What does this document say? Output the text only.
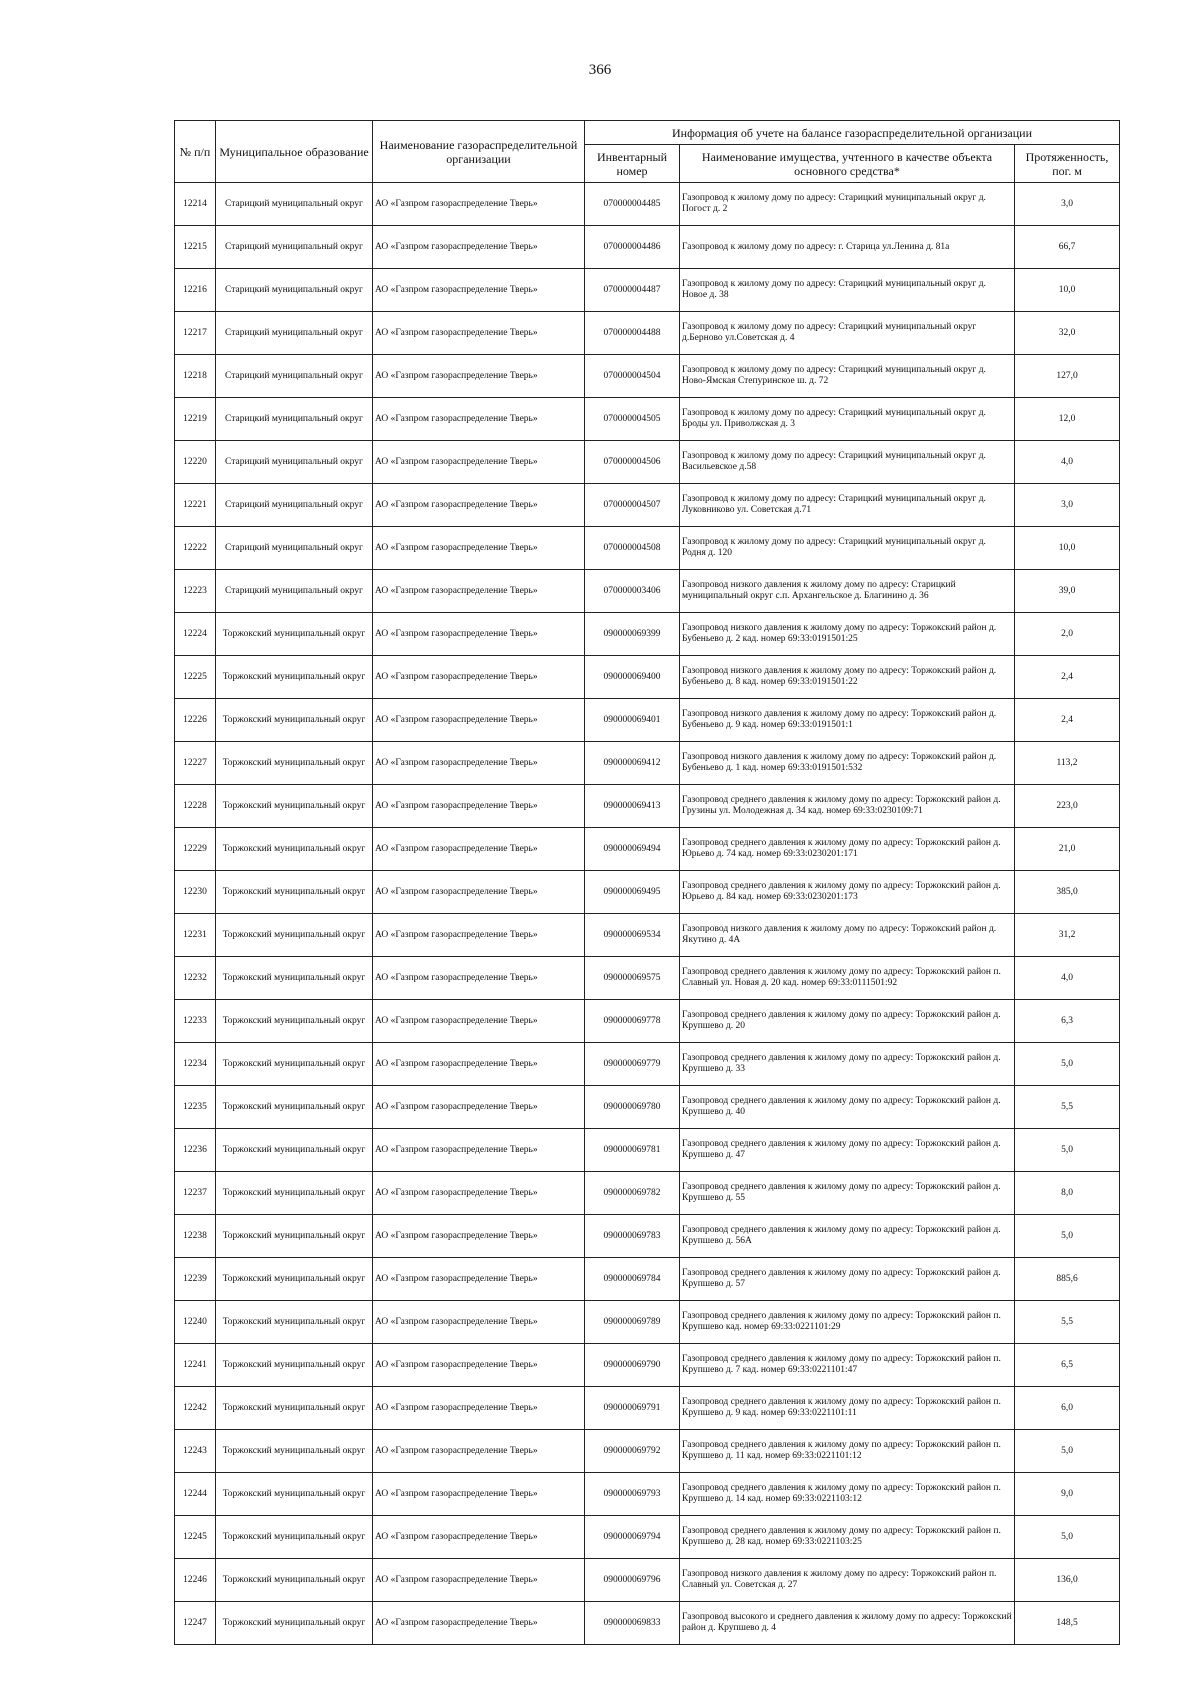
366
№ п/п	Муниципальное образование	Наименование газораспределительной организации	Информация об учете на балансе газораспределительной организации		
			Инвентарный номер	Наименование имущества, учтенного в качестве объекта основного средства*	Протяженность, пог. м
12214	Старицкий муниципальный округ	АО «Газпром газораспределение Тверь»	070000004485	Газопровод к жилому дому по адресу: Старицкий муниципальный округ д. Погост д. 2	3,0
12215	Старицкий муниципальный округ	АО «Газпром газораспределение Тверь»	070000004486	Газопровод к жилому дому по адресу: г. Старица ул.Ленина д. 81а	66,7
12216	Старицкий муниципальный округ	АО «Газпром газораспределение Тверь»	070000004487	Газопровод к жилому дому по адресу: Старицкий муниципальный округ д. Новое д. 38	10,0
12217	Старицкий муниципальный округ	АО «Газпром газораспределение Тверь»	070000004488	Газопровод к жилому дому по адресу: Старицкий муниципальный округ д.Берново ул.Советская д. 4	32,0
12218	Старицкий муниципальный округ	АО «Газпром газораспределение Тверь»	070000004504	Газопровод к жилому дому по адресу: Старицкий муниципальный округ д. Ново-Ямская Степуринское ш. д. 72	127,0
12219	Старицкий муниципальный округ	АО «Газпром газораспределение Тверь»	070000004505	Газопровод к жилому дому по адресу: Старицкий муниципальный округ д. Броды ул. Приволжская д. 3	12,0
12220	Старицкий муниципальный округ	АО «Газпром газораспределение Тверь»	070000004506	Газопровод к жилому дому по адресу: Старицкий муниципальный округ д. Васильевское д.58	4,0
12221	Старицкий муниципальный округ	АО «Газпром газораспределение Тверь»	070000004507	Газопровод к жилому дому по адресу: Старицкий муниципальный округ д. Луковниково ул. Советская д.71	3,0
12222	Старицкий муниципальный округ	АО «Газпром газораспределение Тверь»	070000004508	Газопровод к жилому дому по адресу: Старицкий муниципальный округ д. Родня д. 120	10,0
12223	Старицкий муниципальный округ	АО «Газпром газораспределение Тверь»	070000003406	Газопровод низкого давления к жилому дому по адресу: Старицкий муниципальный округ с.п. Архангельское д. Благинино д. 36	39,0
12224	Торжокский муниципальный округ	АО «Газпром газораспределение Тверь»	090000069399	Газопровод низкого давления к жилому дому по адресу: Торжокский район д. Бубеньево д. 2 кад. номер 69:33:0191501:25	2,0
12225	Торжокский муниципальный округ	АО «Газпром газораспределение Тверь»	090000069400	Газопровод низкого давления к жилому дому по адресу: Торжокский район д. Бубеньево д. 8 кад. номер 69:33:0191501:22	2,4
12226	Торжокский муниципальный округ	АО «Газпром газораспределение Тверь»	090000069401	Газопровод низкого давления к жилому дому по адресу: Торжокский район д. Бубеньево д. 9 кад. номер 69:33:0191501:1	2,4
12227	Торжокский муниципальный округ	АО «Газпром газораспределение Тверь»	090000069412	Газопровод низкого давления к жилому дому по адресу: Торжокский район д. Бубеньево д. 1 кад. номер 69:33:0191501:532	113,2
12228	Торжокский муниципальный округ	АО «Газпром газораспределение Тверь»	090000069413	Газопровод среднего давления к жилому дому по адресу: Торжокский район д. Грузины ул. Молодежная д. 34 кад. номер 69:33:0230109:71	223,0
12229	Торжокский муниципальный округ	АО «Газпром газораспределение Тверь»	090000069494	Газопровод среднего давления к жилому дому по адресу: Торжокский район д. Юрьево д. 74 кад. номер 69:33:0230201:171	21,0
12230	Торжокский муниципальный округ	АО «Газпром газораспределение Тверь»	090000069495	Газопровод среднего давления к жилому дому по адресу: Торжокский район д. Юрьево д. 84 кад. номер 69:33:0230201:173	385,0
12231	Торжокский муниципальный округ	АО «Газпром газораспределение Тверь»	090000069534	Газопровод низкого давления к жилому дому по адресу: Торжокский район д. Якутино д. 4А	31,2
12232	Торжокский муниципальный округ	АО «Газпром газораспределение Тверь»	090000069575	Газопровод среднего давления к жилому дому по адресу: Торжокский район п. Славный ул. Новая д. 20 кад. номер 69:33:0111501:92	4,0
12233	Торжокский муниципальный округ	АО «Газпром газораспределение Тверь»	090000069778	Газопровод среднего давления к жилому дому по адресу: Торжокский район д. Крупшево д. 20	6,3
12234	Торжокский муниципальный округ	АО «Газпром газораспределение Тверь»	090000069779	Газопровод среднего давления к жилому дому по адресу: Торжокский район д. Крупшево д. 33	5,0
12235	Торжокский муниципальный округ	АО «Газпром газораспределение Тверь»	090000069780	Газопровод среднего давления к жилому дому по адресу: Торжокский район д. Крупшево д. 40	5,5
12236	Торжокский муниципальный округ	АО «Газпром газораспределение Тверь»	090000069781	Газопровод среднего давления к жилому дому по адресу: Торжокский район д. Крупшево д. 47	5,0
12237	Торжокский муниципальный округ	АО «Газпром газораспределение Тверь»	090000069782	Газопровод среднего давления к жилому дому по адресу: Торжокский район д. Крупшево д. 55	8,0
12238	Торжокский муниципальный округ	АО «Газпром газораспределение Тверь»	090000069783	Газопровод среднего давления к жилому дому по адресу: Торжокский район д. Крупшево д. 56А	5,0
12239	Торжокский муниципальный округ	АО «Газпром газораспределение Тверь»	090000069784	Газопровод среднего давления к жилому дому по адресу: Торжокский район д. Крупшево д. 57	885,6
12240	Торжокский муниципальный округ	АО «Газпром газораспределение Тверь»	090000069789	Газопровод среднего давления к жилому дому по адресу: Торжокский район п. Крупшево кад. номер 69:33:0221101:29	5,5
12241	Торжокский муниципальный округ	АО «Газпром газораспределение Тверь»	090000069790	Газопровод среднего давления к жилому дому по адресу: Торжокский район п. Крупшево д. 7 кад. номер 69:33:0221101:47	6,5
12242	Торжокский муниципальный округ	АО «Газпром газораспределение Тверь»	090000069791	Газопровод среднего давления к жилому дому по адресу: Торжокский район п. Крупшево д. 9 кад. номер 69:33:0221101:11	6,0
12243	Торжокский муниципальный округ	АО «Газпром газораспределение Тверь»	090000069792	Газопровод среднего давления к жилому дому по адресу: Торжокский район п. Крупшево д. 11 кад. номер 69:33:0221101:12	5,0
12244	Торжокский муниципальный округ	АО «Газпром газораспределение Тверь»	090000069793	Газопровод среднего давления к жилому дому по адресу: Торжокский район п. Крупшево д. 14 кад. номер 69:33:0221103:12	9,0
12245	Торжокский муниципальный округ	АО «Газпром газораспределение Тверь»	090000069794	Газопровод среднего давления к жилому дому по адресу: Торжокский район п. Крупшево д. 28 кад. номер 69:33:0221103:25	5,0
12246	Торжокский муниципальный округ	АО «Газпром газораспределение Тверь»	090000069796	Газопровод низкого давления к жилому дому по адресу: Торжокский район п. Славный ул. Советская д. 27	136,0
12247	Торжокский муниципальный округ	АО «Газпром газораспределение Тверь»	090000069833	Газопровод высокого и среднего давления к жилому дому по адресу: Торжокский район д. Крупшево д. 4	148,5
